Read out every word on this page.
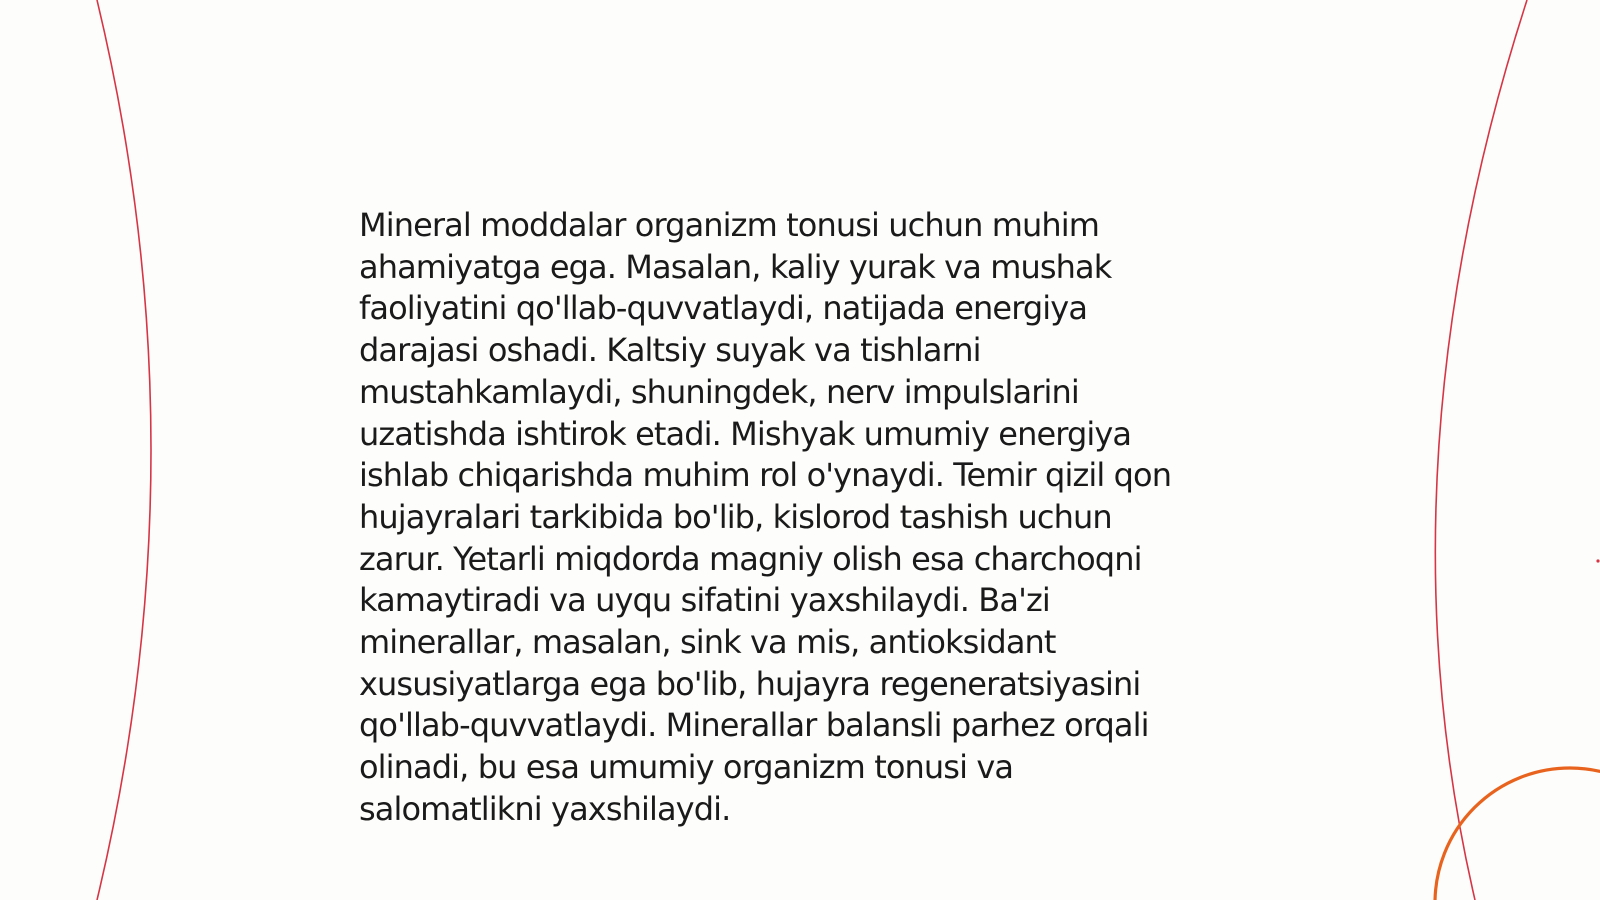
Mineral moddalar organizm tonusi uchun muhim
ahamiyatga ega. Masalan, kaliy yurak va mushak
faoliyatini qo'llab-quvvatlaydi, natijada energiya
darajasi oshadi. Kaltsiy suyak va tishlarni
mustahkamlaydi, shuningdek, nerv impulslarini
uzatishda ishtirok etadi. Mishyak umumiy energiya
ishlab chiqarishda muhim rol o'ynaydi. Temir qizil qon
hujayralari tarkibida bo'lib, kislorod tashish uchun
zarur. Yetarli miqdorda magniy olish esa charchoqni
kamaytiradi va uyqu sifatini yaxshilaydi. Ba'zi
minerallar, masalan, sink va mis, antioksidant
xususiyatlarga ega bo'lib, hujayra regeneratsiyasini
qo'llab-quvvatlaydi. Minerallar balansli parhez orqali
olinadi, bu esa umumiy organizm tonusi va
salomatlikni yaxshilaydi.
